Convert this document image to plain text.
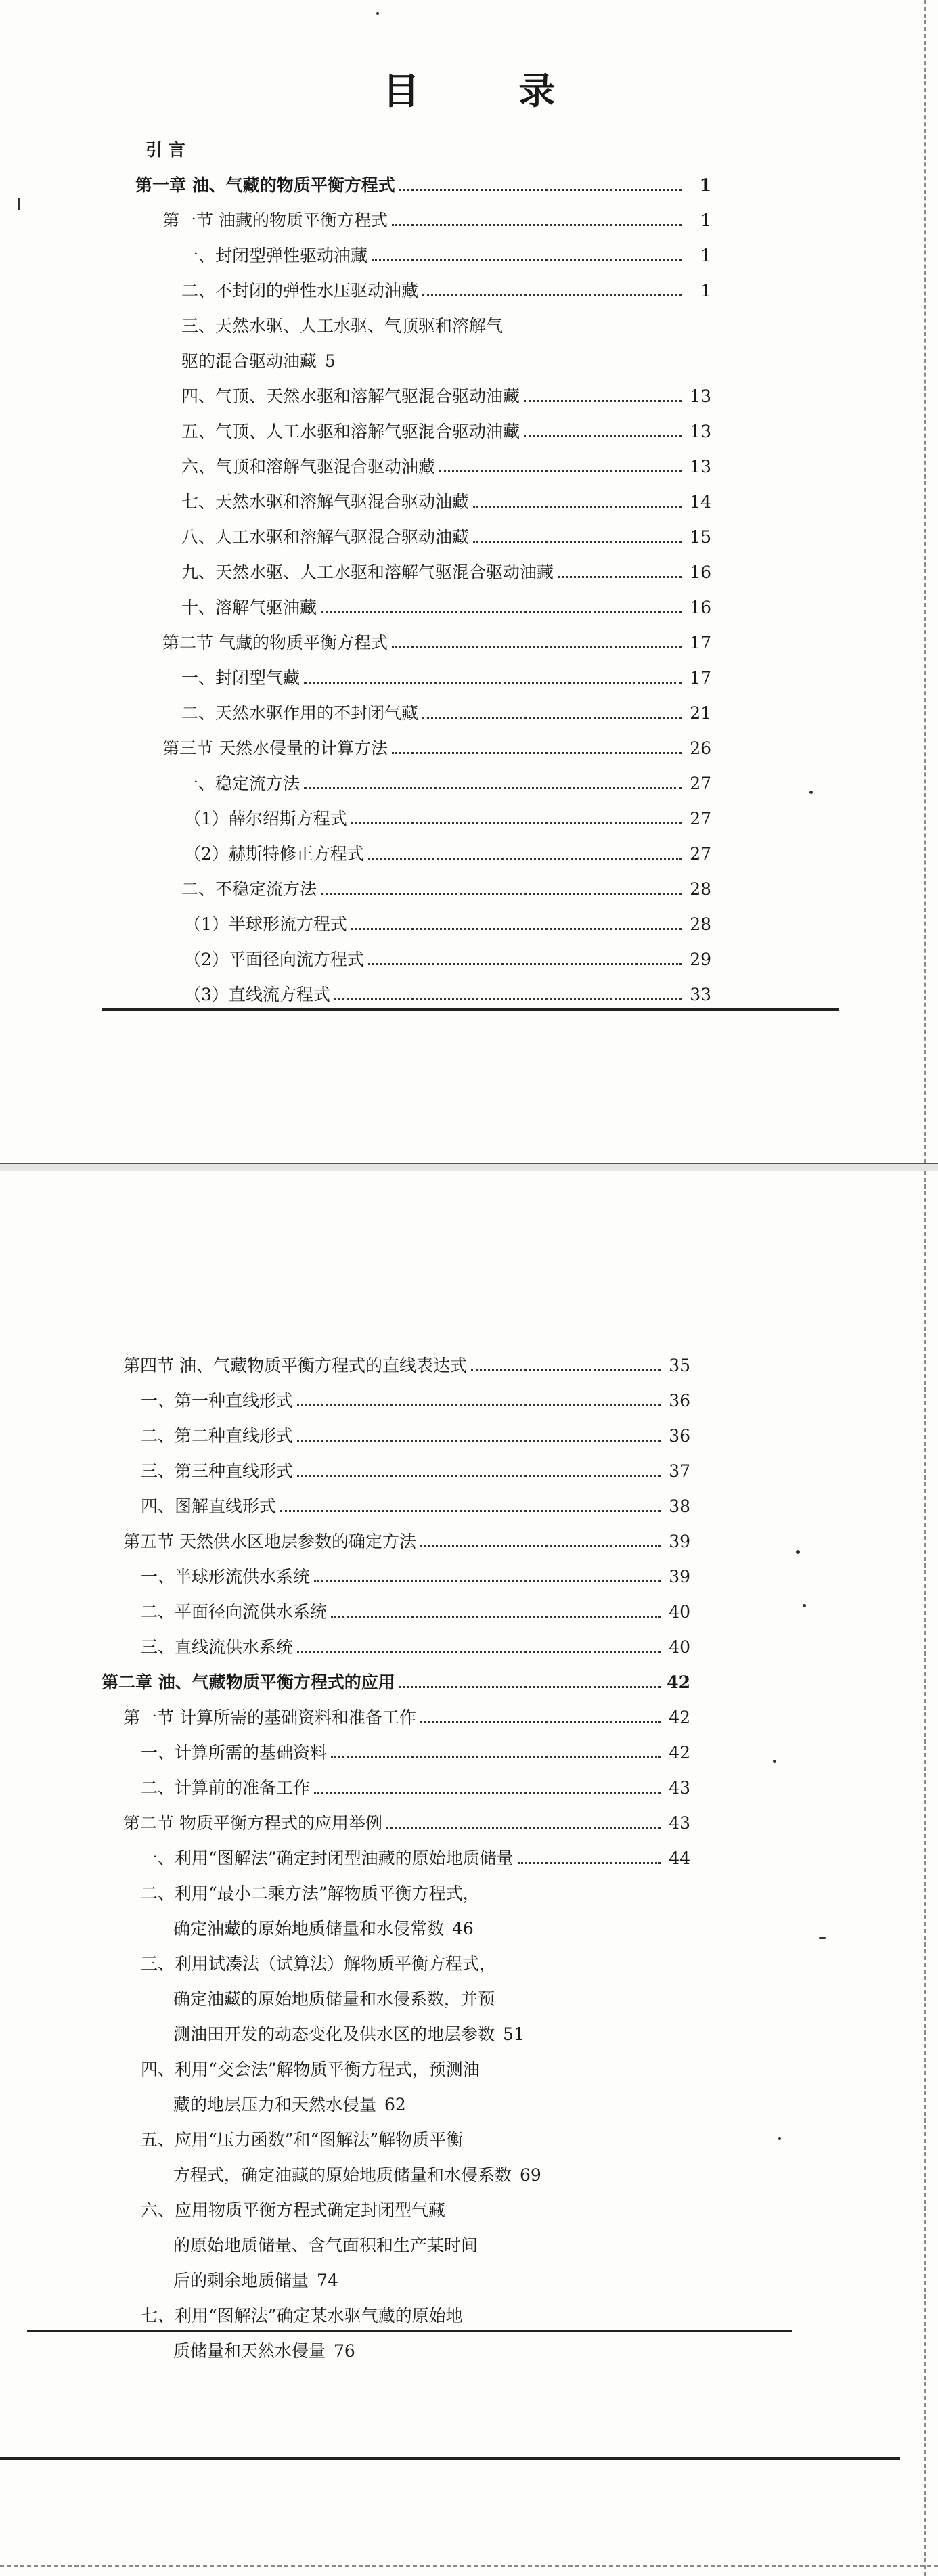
目 录
引 言
第一章 油、气藏的物质平衡方程式	1
第一节 油藏的物质平衡方程式	1
一、封闭型弹性驱动油藏	1
二、不封闭的弹性水压驱动油藏	1
三、天然水驱、人工水驱、气顶驱和溶解气
驱的混合驱动油藏 5
四、气顶、天然水驱和溶解气驱混合驱动油藏	13
五、气顶、人工水驱和溶解气驱混合驱动油藏	13
六、气顶和溶解气驱混合驱动油藏	13
七、天然水驱和溶解气驱混合驱动油藏	14
八、人工水驱和溶解气驱混合驱动油藏	15
九、天然水驱、人工水驱和溶解气驱混合驱动油藏	16
十、溶解气驱油藏	16
第二节 气藏的物质平衡方程式	17
一、封闭型气藏	17
二、天然水驱作用的不封闭气藏	21
第三节 天然水侵量的计算方法	26
一、稳定流方法	27
（1）薛尔绍斯方程式	27
（2）赫斯特修正方程式	27
二、不稳定流方法	28
（1）半球形流方程式	28
（2）平面径向流方程式	29
（3）直线流方程式	33
第四节 油、气藏物质平衡方程式的直线表达式	35
一、第一种直线形式	36
二、第二种直线形式	36
三、第三种直线形式	37
四、图解直线形式	38
第五节 天然供水区地层参数的确定方法	39
一、半球形流供水系统	39
二、平面径向流供水系统	40
三、直线流供水系统	40
第二章 油、气藏物质平衡方程式的应用	42
第一节 计算所需的基础资料和准备工作	42
一、计算所需的基础资料	42
二、计算前的准备工作	43
第二节 物质平衡方程式的应用举例	43
一、利用“图解法”确定封闭型油藏的原始地质储量	44
二、利用“最小二乘方法”解物质平衡方程式，
确定油藏的原始地质储量和水侵常数 46
三、利用试凑法（试算法）解物质平衡方程式，
确定油藏的原始地质储量和水侵系数，并预
测油田开发的动态变化及供水区的地层参数 51
四、利用“交会法”解物质平衡方程式，预测油
藏的地层压力和天然水侵量 62
五、应用“压力函数”和“图解法”解物质平衡
方程式，确定油藏的原始地质储量和水侵系数 69
六、应用物质平衡方程式确定封闭型气藏
的原始地质储量、含气面积和生产某时间
后的剩余地质储量 74
七、利用“图解法”确定某水驱气藏的原始地
质储量和天然水侵量 76
